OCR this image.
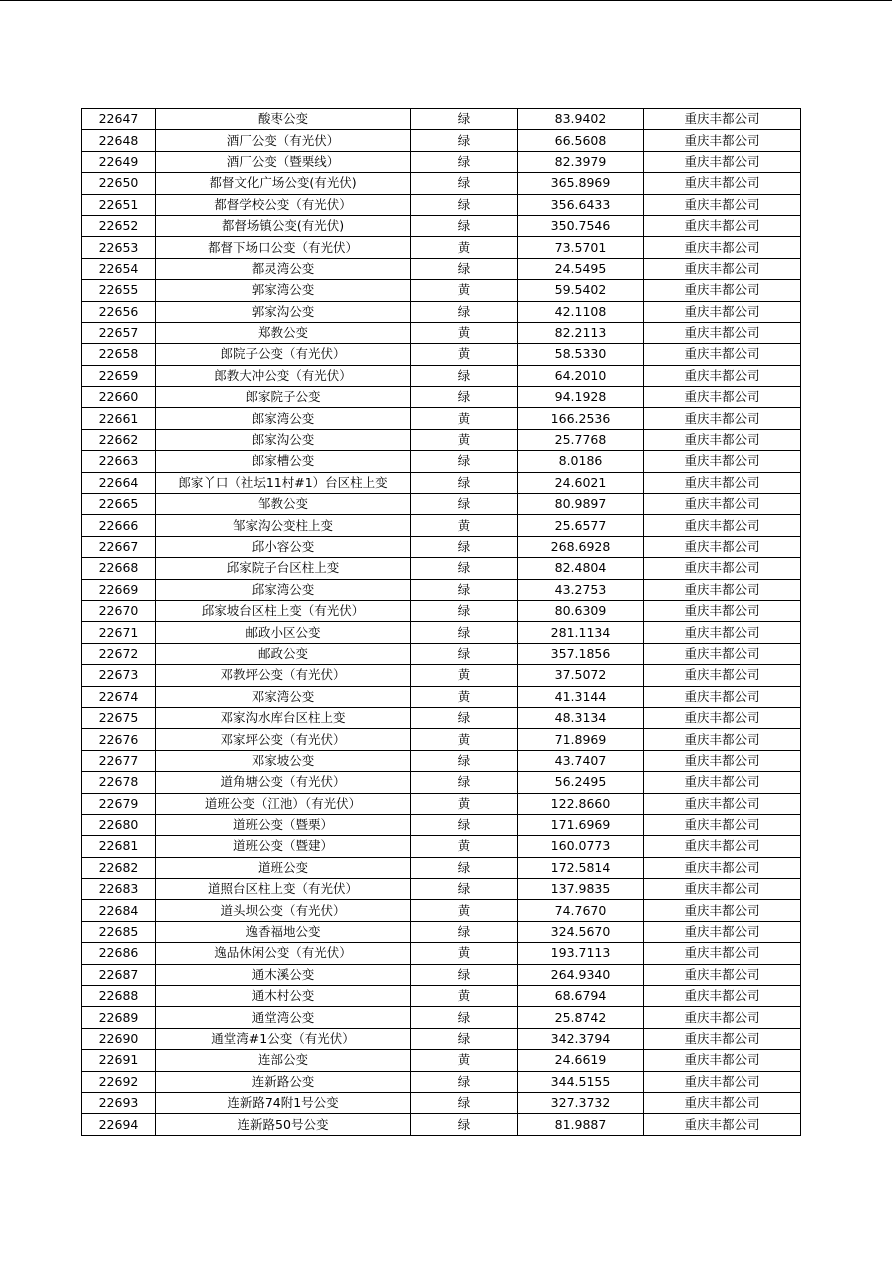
22647	酸枣公变	绿	83.9402	重庆丰都公司
22648	酒厂公变（有光伏）	绿	66.5608	重庆丰都公司
22649	酒厂公变（暨栗线）	绿	82.3979	重庆丰都公司
22650	都督文化广场公变(有光伏)	绿	365.8969	重庆丰都公司
22651	都督学校公变（有光伏）	绿	356.6433	重庆丰都公司
22652	都督场镇公变(有光伏)	绿	350.7546	重庆丰都公司
22653	都督下场口公变（有光伏）	黄	73.5701	重庆丰都公司
22654	都灵湾公变	绿	24.5495	重庆丰都公司
22655	郭家湾公变	黄	59.5402	重庆丰都公司
22656	郭家沟公变	绿	42.1108	重庆丰都公司
22657	郑教公变	黄	82.2113	重庆丰都公司
22658	郎院子公变（有光伏）	黄	58.5330	重庆丰都公司
22659	郎教大冲公变（有光伏）	绿	64.2010	重庆丰都公司
22660	郎家院子公变	绿	94.1928	重庆丰都公司
22661	郎家湾公变	黄	166.2536	重庆丰都公司
22662	郎家沟公变	黄	25.7768	重庆丰都公司
22663	郎家槽公变	绿	8.0186	重庆丰都公司
22664	郎家丫口（社坛11村#1）台区柱上变	绿	24.6021	重庆丰都公司
22665	邹教公变	绿	80.9897	重庆丰都公司
22666	邹家沟公变柱上变	黄	25.6577	重庆丰都公司
22667	邱小容公变	绿	268.6928	重庆丰都公司
22668	邱家院子台区柱上变	绿	82.4804	重庆丰都公司
22669	邱家湾公变	绿	43.2753	重庆丰都公司
22670	邱家坡台区柱上变（有光伏）	绿	80.6309	重庆丰都公司
22671	邮政小区公变	绿	281.1134	重庆丰都公司
22672	邮政公变	绿	357.1856	重庆丰都公司
22673	邓教坪公变（有光伏）	黄	37.5072	重庆丰都公司
22674	邓家湾公变	黄	41.3144	重庆丰都公司
22675	邓家沟水库台区柱上变	绿	48.3134	重庆丰都公司
22676	邓家坪公变（有光伏）	黄	71.8969	重庆丰都公司
22677	邓家坡公变	绿	43.7407	重庆丰都公司
22678	道角塘公变（有光伏）	绿	56.2495	重庆丰都公司
22679	道班公变（江池）（有光伏）	黄	122.8660	重庆丰都公司
22680	道班公变（暨栗）	绿	171.6969	重庆丰都公司
22681	道班公变（暨建）	黄	160.0773	重庆丰都公司
22682	道班公变	绿	172.5814	重庆丰都公司
22683	道照台区柱上变（有光伏）	绿	137.9835	重庆丰都公司
22684	道头坝公变（有光伏）	黄	74.7670	重庆丰都公司
22685	逸香福地公变	绿	324.5670	重庆丰都公司
22686	逸品休闲公变（有光伏）	黄	193.7113	重庆丰都公司
22687	通木溪公变	绿	264.9340	重庆丰都公司
22688	通木村公变	黄	68.6794	重庆丰都公司
22689	通堂湾公变	绿	25.8742	重庆丰都公司
22690	通堂湾#1公变（有光伏）	绿	342.3794	重庆丰都公司
22691	连部公变	黄	24.6619	重庆丰都公司
22692	连新路公变	绿	344.5155	重庆丰都公司
22693	连新路74附1号公变	绿	327.3732	重庆丰都公司
22694	连新路50号公变	绿	81.9887	重庆丰都公司
